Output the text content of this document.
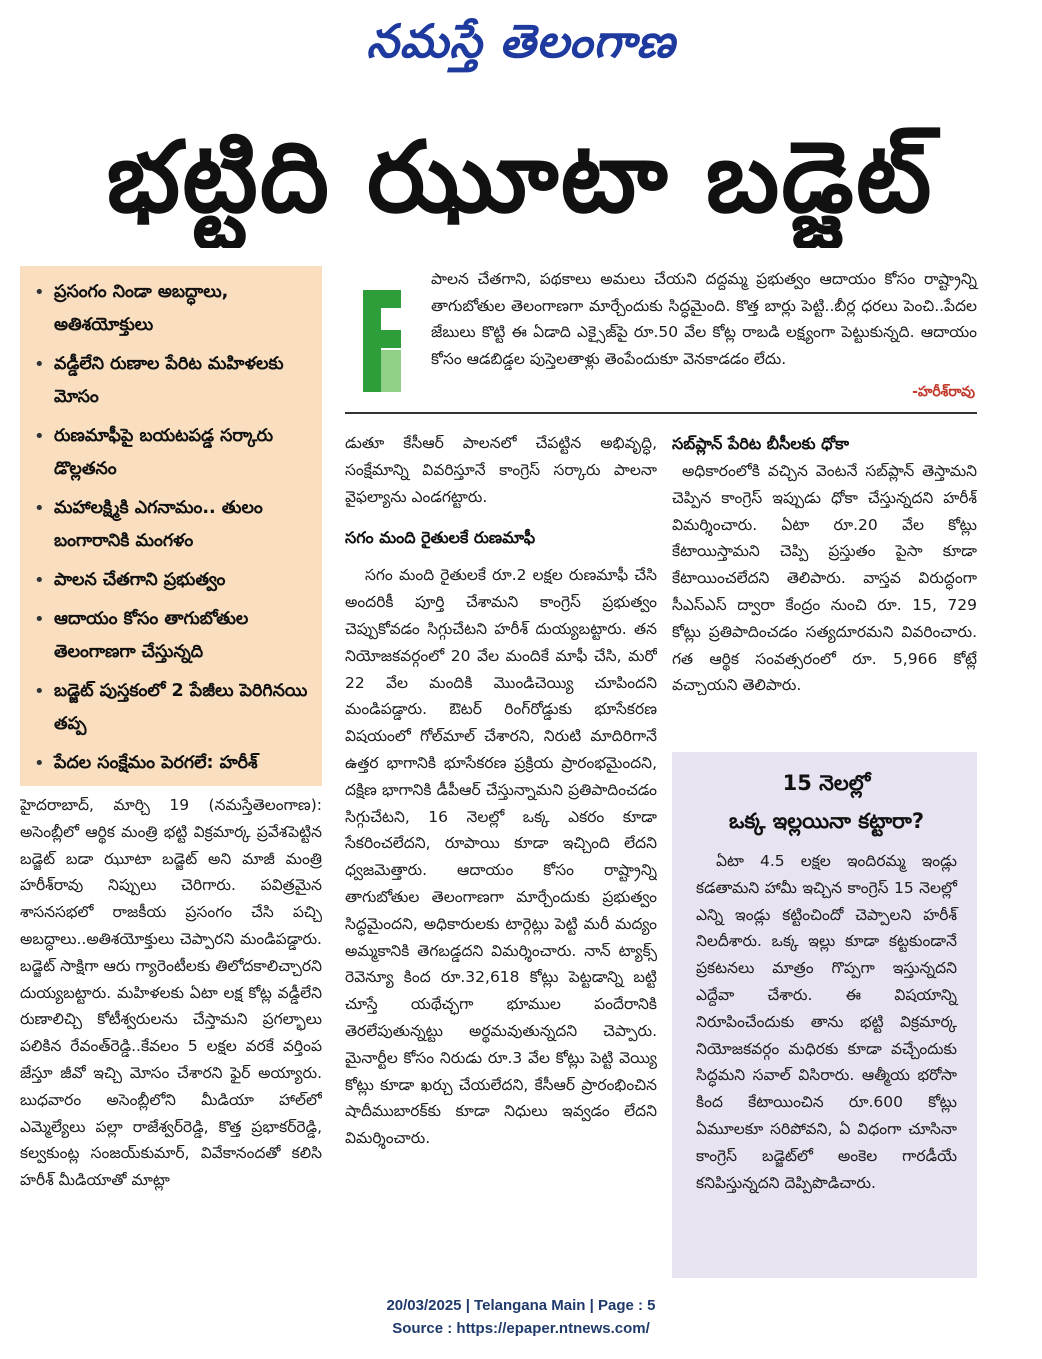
నమస్తే తెలంగాణ
భట్టిది ఝూటా బడ్జెట్‌
• ప్రసంగం నిండా అబద్ధాలు, అతిశయోక్తులు
• వడ్డీలేని రుణాల పేరిట మహిళలకు మోసం
• రుణమాఫీపై బయటపడ్డ సర్కారు డొల్లతనం
• మహాలక్ష్మికి ఎగనామం.. తులం బంగారానికి మంగళం
• పాలన చేతగాని ప్రభుత్వం
• ఆదాయం కోసం తాగుబోతుల తెలంగాణగా చేస్తున్నది
• బడ్జెట్‌ పుస్తకంలో 2 పేజీలు పెరిగినయి తప్ప
• పేదల సంక్షేమం పెరగలే: హరీశ్‌

పాలన చేతగాని, పథకాలు అమలు చేయని దద్దమ్మ ప్రభుత్వం ఆదాయం కోసం రాష్ట్రాన్ని తాగుబోతుల తెలంగాణగా మార్చేందుకు సిద్ధమైంది. కొత్త బార్లు పెట్టి..బీర్ల ధరలు పెంచి..పేదల జేబులు కొట్టి ఈ ఏడాది ఎక్సైజ్‌పై రూ.50 వేల కోట్ల రాబడి లక్ష్యంగా పెట్టుకున్నది. ఆదాయం కోసం ఆడబిడ్డల పుస్తెలతాళ్లు తెంపేందుకూ వెనకాడడం లేదు.

-హరీశ్‌రావు

హైదరాబాద్‌, మార్చి 19 (నమస్తేతెలంగాణ): అసెంబ్లీలో ఆర్థిక మంత్రి భట్టి విక్రమార్క ప్రవేశపెట్టిన బడ్జెట్‌ బడా ఝూటా బడ్జెట్‌ అని మాజీ మంత్రి హరీశ్‌రావు నిప్పులు చెరిగారు. పవిత్రమైన శాసనసభలో రాజకీయ ప్రసంగం చేసి పచ్చి అబద్ధాలు..అతిశయోక్తులు చెప్పారని మండిపడ్డారు. బడ్జెట్‌ సాక్షిగా ఆరు గ్యారెంటీలకు తిలోదకాలిచ్చారని దుయ్యబట్టారు. మహిళలకు ఏటా లక్ష కోట్ల వడ్డీలేని రుణాలిచ్చి కోటీశ్వరులను చేస్తామని ప్రగల్భాలు పలికిన రేవంత్‌రెడ్డి..కేవలం 5 లక్షల వరకే వర్తింప జేస్తూ జీవో ఇచ్చి మోసం చేశారని ఫైర్‌ అయ్యారు. బుధవారం అసెంబ్లీలోని మీడియా హాల్‌లో ఎమ్మెల్యేలు పల్లా రాజేశ్వర్‌రెడ్డి, కొత్త ప్రభాకర్‌రెడ్డి, కల్వకుంట్ల సంజయ్‌కుమార్‌, వివేకానందతో కలిసి హరీశ్‌ మీడియాతో మాట్లా

డుతూ కేసీఆర్‌ పాలనలో చేపట్టిన అభివృద్ధి, సంక్షేమాన్ని వివరిస్తూనే కాంగ్రెస్‌ సర్కారు పాలనా వైఫల్యాను ఎండగట్టారు.

సగం మంది రైతులకే రుణమాఫీ

సగం మంది రైతులకే రూ.2 లక్షల రుణమాఫీ చేసి అందరికీ పూర్తి చేశామని కాంగ్రెస్‌ ప్రభుత్వం చెప్పుకోవడం సిగ్గుచేటని హరీశ్‌ దుయ్యబట్టారు. తన నియోజకవర్గంలో 20 వేల మందికే మాఫీ చేసి, మరో 22 వేల మందికి మొండిచెయ్యి చూపిందని మండిపడ్డారు. ఔటర్‌ రింగ్‌రోడ్డుకు భూసేకరణ విషయంలో గోల్‌మాల్‌ చేశారని, నిరుటి మాదిరిగానే ఉత్తర భాగానికి భూసేకరణ ప్రక్రియ ప్రారంభమైందని, దక్షిణ భాగానికి డీపీఆర్‌ చేస్తున్నామని ప్రతిపాదించడం సిగ్గుచేటని, 16 నెలల్లో ఒక్క ఎకరం కూడా సేకరించలేదని, రూపాయి కూడా ఇచ్చింది లేదని ధ్వజమెత్తారు. ఆదాయం కోసం రాష్ట్రాన్ని తాగుబోతుల తెలంగాణగా మార్చేందుకు ప్రభుత్వం సిద్ధమైందని, అధికారులకు టార్గెట్లు పెట్టి మరీ మద్యం అమ్మకానికి తెగబడ్డదని విమర్శించారు. నాన్‌ ట్యాక్స్‌ రెవెన్యూ కింద రూ.32,618 కోట్లు పెట్టడాన్ని బట్టి చూస్తే యథేచ్ఛగా భూముల పందేరానికి తెరలేపుతున్నట్టు అర్థమవుతున్నదని చెప్పారు. మైనార్టీల కోసం నిరుడు రూ.3 వేల కోట్లు పెట్టి వెయ్యి కోట్లు కూడా ఖర్చు చేయలేదని, కేసీఆర్‌ ప్రారంభించిన షాదీముబారక్‌కు కూడా నిధులు ఇవ్వడం లేదని విమర్శించారు.

సబ్‌ప్లాన్‌ పేరిట బీసీలకు ధోకా

అధికారంలోకి వచ్చిన వెంటనే సబ్‌ప్లాన్‌ తెస్తామని చెప్పిన కాంగ్రెస్‌ ఇప్పుడు ధోకా చేస్తున్నదని హరీశ్‌ విమర్శించారు. ఏటా రూ.20 వేల కోట్లు కేటాయిస్తామని చెప్పి ప్రస్తుతం పైసా కూడా కేటాయించలేదని తెలిపారు. వాస్తవ విరుద్ధంగా సీఎస్‌ఎస్‌ ద్వారా కేంద్రం నుంచి రూ. 15, 729 కోట్లు ప్రతిపాదించడం సత్యదూరమని వివరించారు. గత ఆర్థిక సంవత్సరంలో రూ. 5,966 కోట్లే వచ్చాయని తెలిపారు.

15 నెలల్లో
ఒక్క ఇల్లయినా కట్టారా?

ఏటా 4.5 లక్షల ఇందిరమ్మ ఇండ్లు కడతామని హామీ ఇచ్చిన కాంగ్రెస్‌ 15 నెలల్లో ఎన్ని ఇండ్లు కట్టించిందో చెప్పాలని హరీశ్‌ నిలదీశారు. ఒక్క ఇల్లు కూడా కట్టకుండానే ప్రకటనలు మాత్రం గొప్పగా ఇస్తున్నదని ఎద్దేవా చేశారు. ఈ విషయాన్ని నిరూపించేందుకు తాను భట్టి విక్రమార్క నియోజకవర్గం మధిరకు కూడా వచ్చేందుకు సిద్ధమని సవాల్‌ విసిరారు. ఆత్మీయ భరోసా కింద కేటాయించిన రూ.600 కోట్లు ఏమూలకూ సరిపోవని, ఏ విధంగా చూసినా కాంగ్రెస్‌ బడ్జెట్‌లో అంకెల గారడీయే కనిపిస్తున్నదని దెప్పిపొడిచారు.

20/03/2025 | Telangana Main | Page : 5
Source : https://epaper.ntnews.com/
